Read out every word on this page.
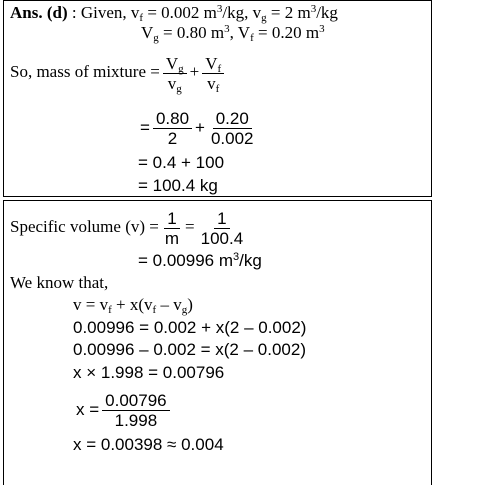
Ans. (d) : Given, $v_f = 0.002$ $m^3/kg$, $v_g = 2$ $m^3/kg$
$V_g = 0.80$ $m^3$, $V_f = 0.20$ $m^3$
So, mass of mixture = $\frac{V_g}{v_g} + \frac{V_f}{v_f}$
= $\frac{0.80}{2} + \frac{0.20}{0.002}$
= 0.4 + 100
= 100.4 kg
Specific volume $(v) = \frac{1}{m} = \frac{1}{100.4}$
= 0.00996 $m^3/kg$
We know that,
$v = v_f + x(v_f - v_g)$
0.00996 = 0.002 + x(2 – 0.002)
0.00996 – 0.002 = x(2 – 0.002)
x × 1.998 = 0.00796
$x = \frac{0.00796}{1.998}$
x = 0.00398 ≈ 0.004
